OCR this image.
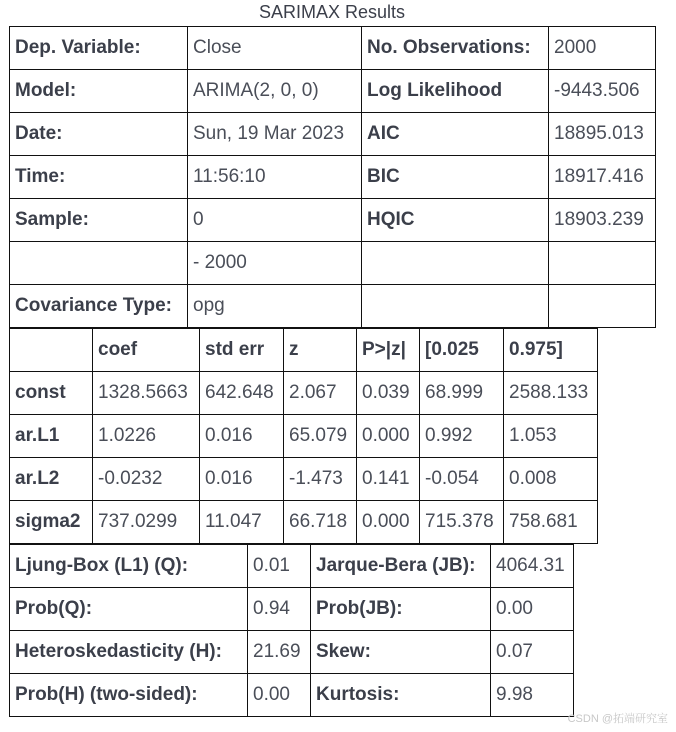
SARIMAX Results
Dep. Variable:	Close	No. Observations:	2000
Model:	ARIMA(2, 0, 0)	Log Likelihood	-9443.506
Date:	Sun, 19 Mar 2023	AIC	18895.013
Time:	11:56:10	BIC	18917.416
Sample:	0	HQIC	18903.239
	- 2000		
Covariance Type:	opg		
	coef	std err	z	P>|z|	[0.025	0.975]
const	1328.5663	642.648	2.067	0.039	68.999	2588.133
ar.L1	1.0226	0.016	65.079	0.000	0.992	1.053
ar.L2	-0.0232	0.016	-1.473	0.141	-0.054	0.008
sigma2	737.0299	11.047	66.718	0.000	715.378	758.681
Ljung-Box (L1) (Q):	0.01	Jarque-Bera (JB):	4064.31
Prob(Q):	0.94	Prob(JB):	0.00
Heteroskedasticity (H):	21.69	Skew:	0.07
Prob(H) (two-sided):	0.00	Kurtosis:	9.98
CSDN @拓端研究室
